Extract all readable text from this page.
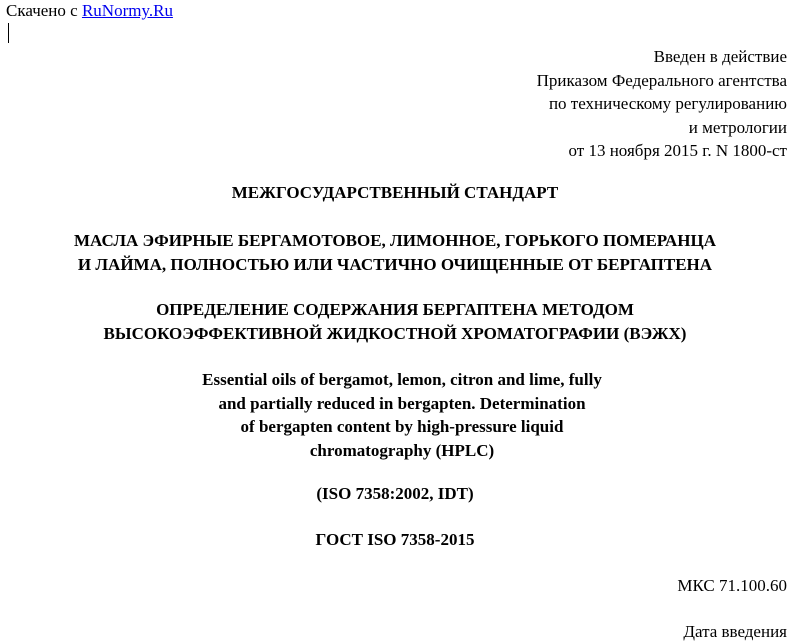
Скачено с RuNormy.Ru
Введен в действие
Приказом Федерального агентства
по техническому регулированию
и метрологии
от 13 ноября 2015 г. N 1800-ст
МЕЖГОСУДАРСТВЕННЫЙ СТАНДАРТ
МАСЛА ЭФИРНЫЕ БЕРГАМОТОВОЕ, ЛИМОННОЕ, ГОРЬКОГО ПОМЕРАНЦА
И ЛАЙМА, ПОЛНОСТЬЮ ИЛИ ЧАСТИЧНО ОЧИЩЕННЫЕ ОТ БЕРГАПТЕНА
ОПРЕДЕЛЕНИЕ СОДЕРЖАНИЯ БЕРГАПТЕНА МЕТОДОМ
ВЫСОКОЭФФЕКТИВНОЙ ЖИДКОСТНОЙ ХРОМАТОГРАФИИ (ВЭЖХ)
Essential oils of bergamot, lemon, citron and lime, fully
and partially reduced in bergapten. Determination
of bergapten content by high-pressure liquid
chromatography (HPLC)
(ISO 7358:2002, IDT)
ГОСТ ISO 7358-2015
МКС 71.100.60
Дата введения
